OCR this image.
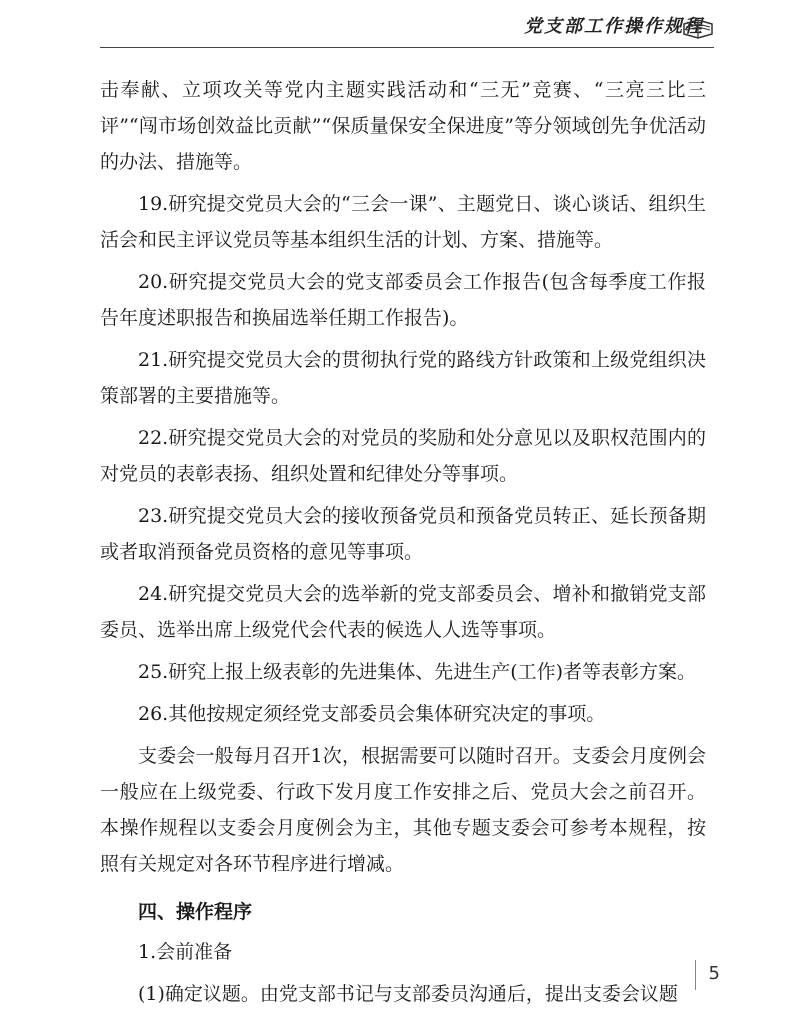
党支部工作操作规程

击奉献、立项攻关等党内主题实践活动和“三无”竞赛、“三亮三比三评”“闯市场创效益比贡献”“保质量保安全保进度”等分领域创先争优活动的办法、措施等。

19.研究提交党员大会的“三会一课”、主题党日、谈心谈话、组织生活会和民主评议党员等基本组织生活的计划、方案、措施等。

20.研究提交党员大会的党支部委员会工作报告(包含每季度工作报告年度述职报告和换届选举任期工作报告)。

21.研究提交党员大会的贯彻执行党的路线方针政策和上级党组织决策部署的主要措施等。

22.研究提交党员大会的对党员的奖励和处分意见以及职权范围内的对党员的表彰表扬、组织处置和纪律处分等事项。

23.研究提交党员大会的接收预备党员和预备党员转正、延长预备期或者取消预备党员资格的意见等事项。

24.研究提交党员大会的选举新的党支部委员会、增补和撤销党支部委员、选举出席上级党代会代表的候选人人选等事项。

25.研究上报上级表彰的先进集体、先进生产(工作)者等表彰方案。

26.其他按规定须经党支部委员会集体研究决定的事项。

支委会一般每月召开1次，根据需要可以随时召开。支委会月度例会一般应在上级党委、行政下发月度工作安排之后、党员大会之前召开。本操作规程以支委会月度例会为主，其他专题支委会可参考本规程，按照有关规定对各环节程序进行增减。

四、操作程序

1.会前准备

(1)确定议题。由党支部书记与支部委员沟通后，提出支委会议题

5
